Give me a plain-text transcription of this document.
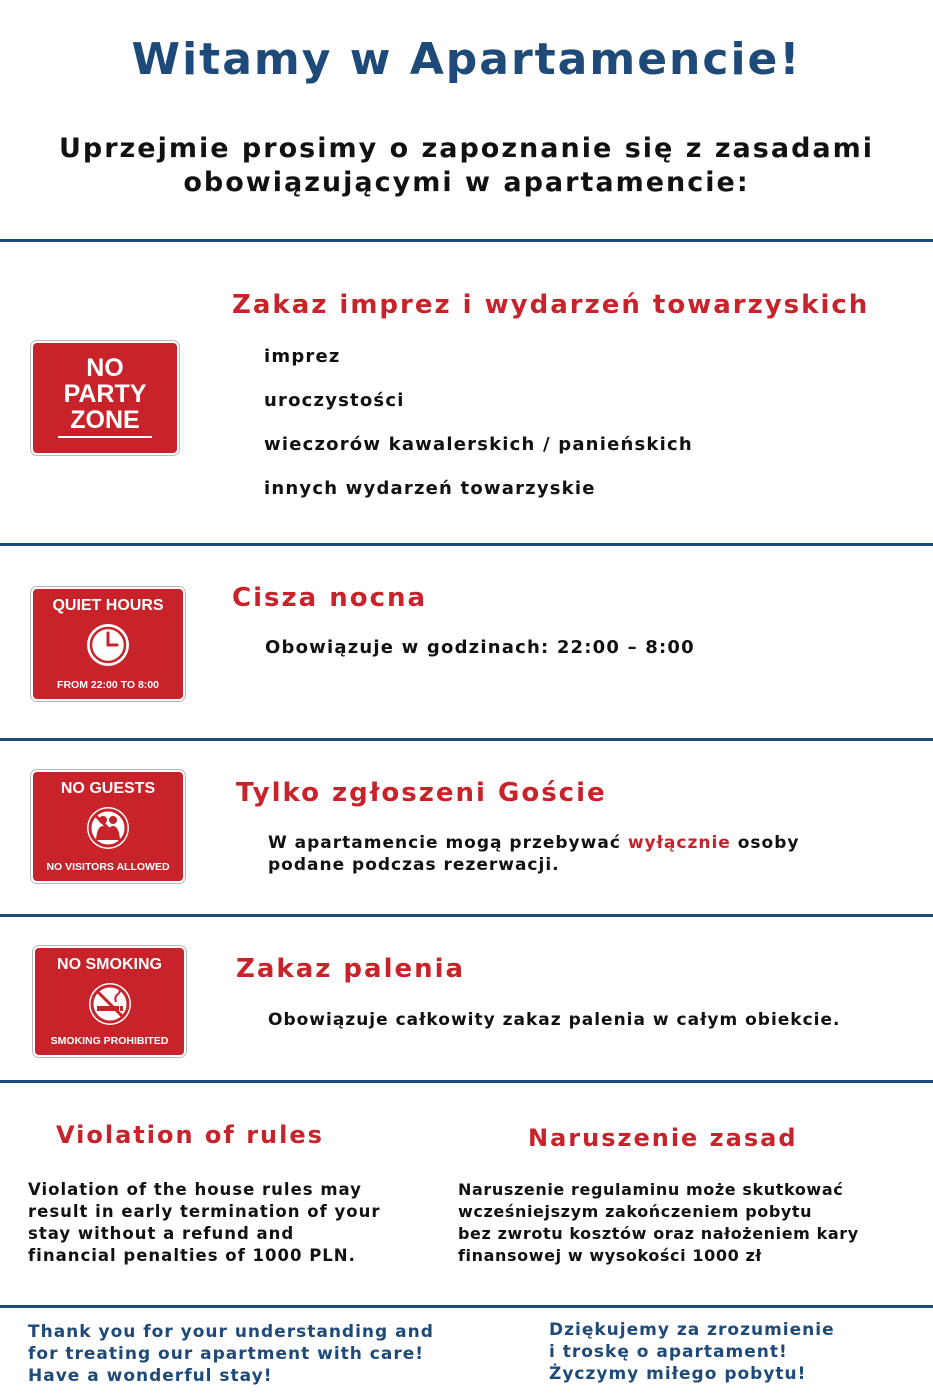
Witamy w Apartamencie!
Uprzejmie prosimy o zapoznanie się z zasadami
obowiązującymi w apartamencie:
NO
PARTY
ZONE
Zakaz imprez i wydarzeń towarzyskich
imprez
uroczystości
wieczorów kawalerskich / panieńskich
innych wydarzeń towarzyskie
QUIET HOURS
FROM 22:00 TO 8:00
Cisza nocna
Obowiązuje w godzinach: 22:00 – 8:00
NO GUESTS
NO VISITORS ALLOWED
Tylko zgłoszeni Goście
W apartamencie mogą przebywać wyłącznie osoby
podane podczas rezerwacji.
NO SMOKING
SMOKING PROHIBITED
Zakaz palenia
Obowiązuje całkowity zakaz palenia w całym obiekcie.
Violation of rules
Violation of the house rules may
result in early termination of your
stay without a refund and
financial penalties of 1000 PLN.
Naruszenie zasad
Naruszenie regulaminu może skutkować
wcześniejszym zakończeniem pobytu
bez zwrotu kosztów oraz nałożeniem kary
finansowej w wysokości 1000 zł
Thank you for your understanding and
for treating our apartment with care!
Have a wonderful stay!
Dziękujemy za zrozumienie
i troskę o apartament!
Życzymy miłego pobytu!
